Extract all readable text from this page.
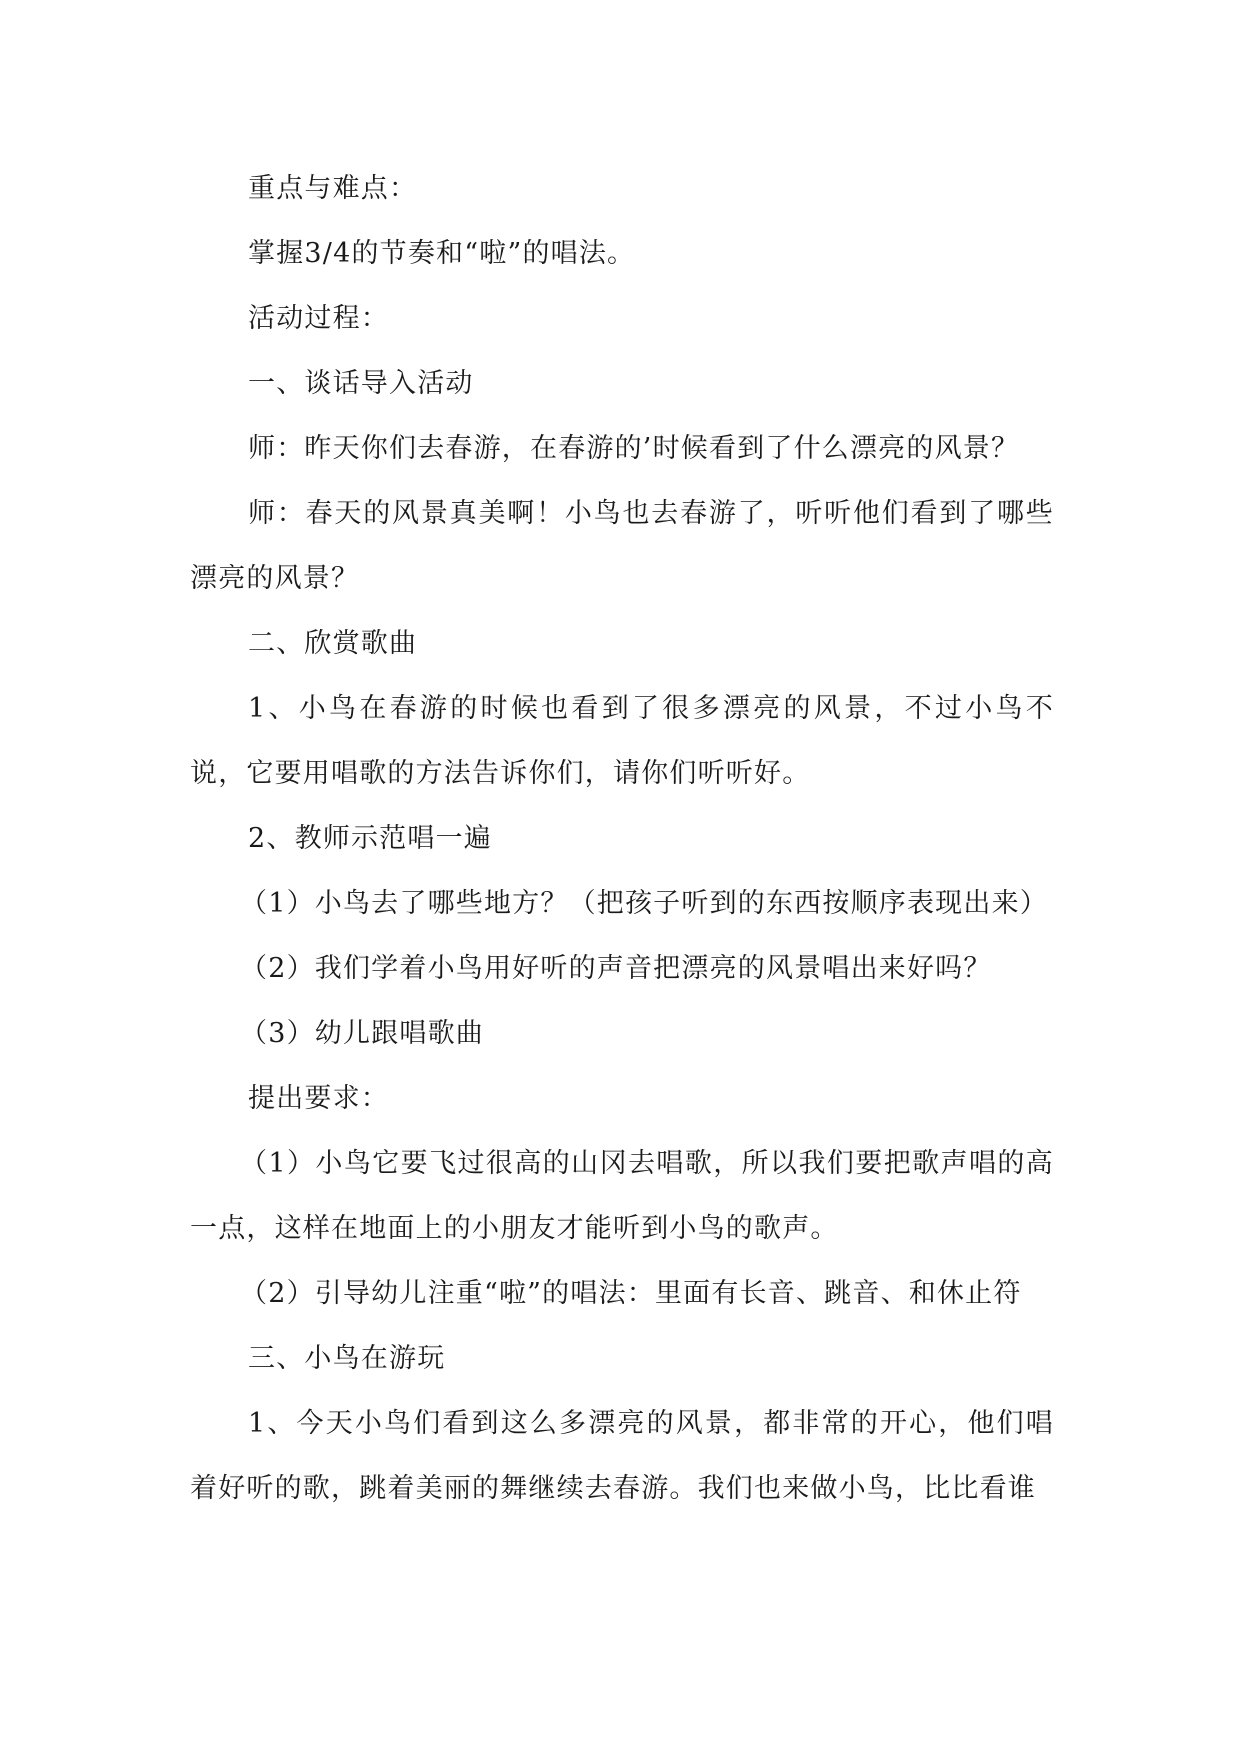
重点与难点：

掌握3/4的节奏和“啦”的唱法。

活动过程：

一、谈话导入活动

师：昨天你们去春游，在春游的’时候看到了什么漂亮的风景？

师：春天的风景真美啊！小鸟也去春游了，听听他们看到了哪些漂亮的风景？

二、欣赏歌曲

1、小鸟在春游的时候也看到了很多漂亮的风景，不过小鸟不说，它要用唱歌的方法告诉你们，请你们听听好。

2、教师示范唱一遍

（1）小鸟去了哪些地方？（把孩子听到的东西按顺序表现出来）

（2）我们学着小鸟用好听的声音把漂亮的风景唱出来好吗？

（3）幼儿跟唱歌曲

提出要求：

（1）小鸟它要飞过很高的山冈去唱歌，所以我们要把歌声唱的高一点，这样在地面上的小朋友才能听到小鸟的歌声。

（2）引导幼儿注重“啦”的唱法：里面有长音、跳音、和休止符

三、小鸟在游玩

1、今天小鸟们看到这么多漂亮的风景，都非常的开心，他们唱着好听的歌，跳着美丽的舞继续去春游。我们也来做小鸟，比比看谁
